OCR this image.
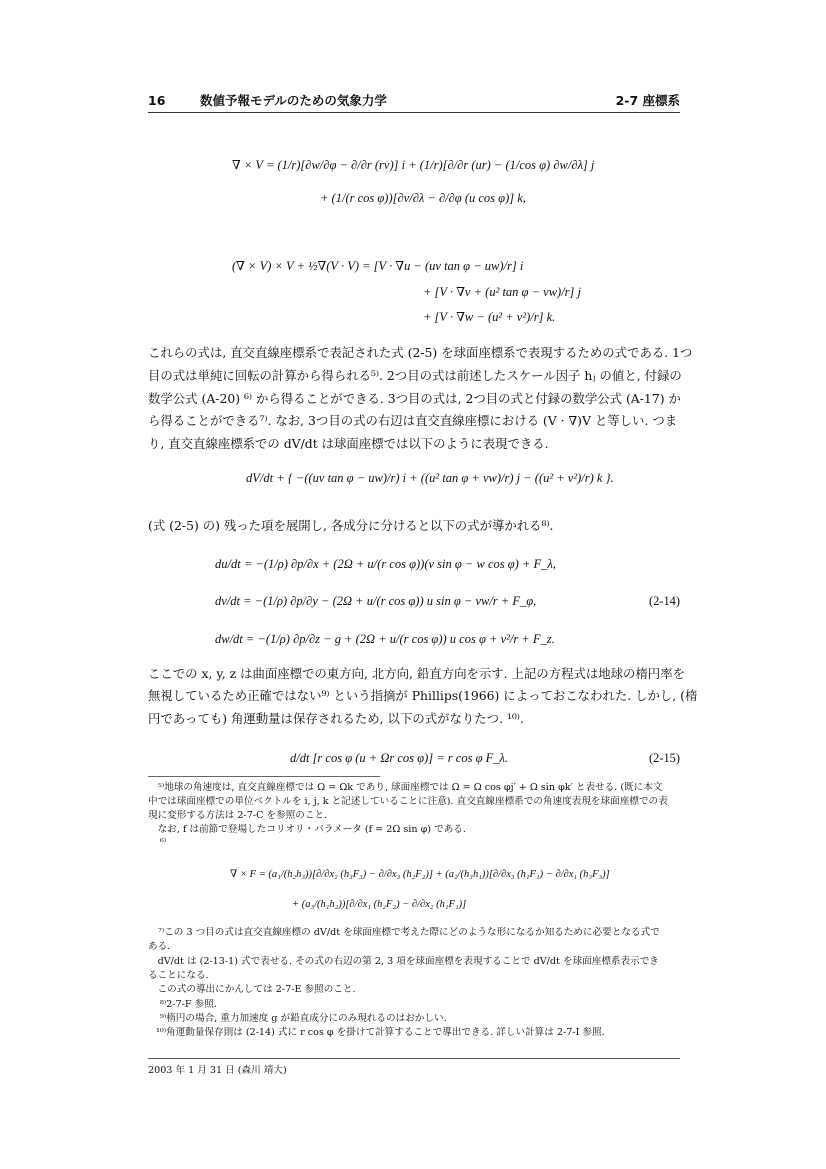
16	数値予報モデルのための気象力学	2-7 座標系
∇ × V = (1/r)[∂w/∂φ − ∂/∂r (rv)] i + (1/r)[∂/∂r (ur) − (1/cos φ) ∂w/∂λ] j
+ (1/(r cos φ))[∂v/∂λ − ∂/∂φ (u cos φ)] k,
(∇ × V) × V + ½∇(V · V) = [V · ∇u − (uv tan φ − uw)/r] i
+ [V · ∇v + (u² tan φ − vw)/r] j
+ [V · ∇w − (u² + v²)/r] k.
これらの式は, 直交直線座標系で表記された式 (2-5) を球面座標系で表現するための式である. 1つ
目の式は単純に回転の計算から得られる⁵⁾. 2つ目の式は前述したスケール因子 hⱼ の値と, 付録の
数学公式 (A-20) ⁶⁾ から得ることができる. 3つ目の式は, 2つ目の式と付録の数学公式 (A-17) か
ら得ることができる⁷⁾. なお, 3つ目の式の右辺は直交直線座標における (V · ∇)V と等しい. つま
り, 直交直線座標系での dV/dt は球面座標では以下のように表現できる.
dV/dt + { −((uv tan φ − uw)/r) i + ((u² tan φ + vw)/r) j − ((u² + v²)/r) k }.
(式 (2-5) の) 残った項を展開し, 各成分に分けると以下の式が導かれる⁸⁾.
du/dt = −(1/ρ) ∂p/∂x + (2Ω + u/(r cos φ))(v sin φ − w cos φ) + F_λ,
dv/dt = −(1/ρ) ∂p/∂y − (2Ω + u/(r cos φ)) u sin φ − vw/r + F_φ,
dw/dt = −(1/ρ) ∂p/∂z − g + (2Ω + u/(r cos φ)) u cos φ + v²/r + F_z.
(2-14)
ここでの x, y, z は曲面座標での東方向, 北方向, 鉛直方向を示す. 上記の方程式は地球の楕円率を
無視しているため正確ではない⁹⁾ という指摘が Phillips(1966) によっておこなわれた. しかし, (楕
円であっても) 角運動量は保存されるため, 以下の式がなりたつ. ¹⁰⁾.
d/dt [r cos φ (u + Ωr cos φ)] = r cos φ F_λ.	(2-15)
⁵⁾地球の角速度は, 直交直線座標では Ω = Ωk であり, 球面座標では Ω = Ω cos φj′ + Ω sin φk′ と表せる. (既に本文
中では球面座標での単位ベクトルを i, j, k と記述していることに注意). 直交直線座標系での角速度表現を球面座標での表
現に変形する方法は 2-7-C を参照のこと.
　なお, f は前節で登場したコリオリ・パラメータ (f = 2Ω sin φ) である.
⁶⁾
∇ × F = (a₁/(h₂h₃))[∂/∂x₂ (h₃F₃) − ∂/∂x₃ (h₂F₂)] + (a₂/(h₃h₁))[∂/∂x₃ (h₁F₁) − ∂/∂x₁ (h₃F₃)]
+ (a₃/(h₁h₂))[∂/∂x₁ (h₂F₂) − ∂/∂x₂ (h₁F₁)]
⁷⁾この 3 つ目の式は直交直線座標の dV/dt を球面座標で考えた際にどのような形になるか知るために必要となる式で
ある.
　dV/dt は (2-13-1) 式で表せる. その式の右辺の第 2, 3 項を球面座標を表現することで dV/dt を球面座標系表示でき
ることになる.
　この式の導出にかんしては 2-7-E 参照のこと.
⁸⁾2-7-F 参照.
⁹⁾楕円の場合, 重力加速度 g が鉛直成分にのみ現れるのはおかしい.
¹⁰⁾角運動量保存則は (2-14) 式に r cos φ を掛けて計算することで導出できる. 詳しい計算は 2-7-I 参照.
2003 年 1 月 31 日 (森川 靖大)
